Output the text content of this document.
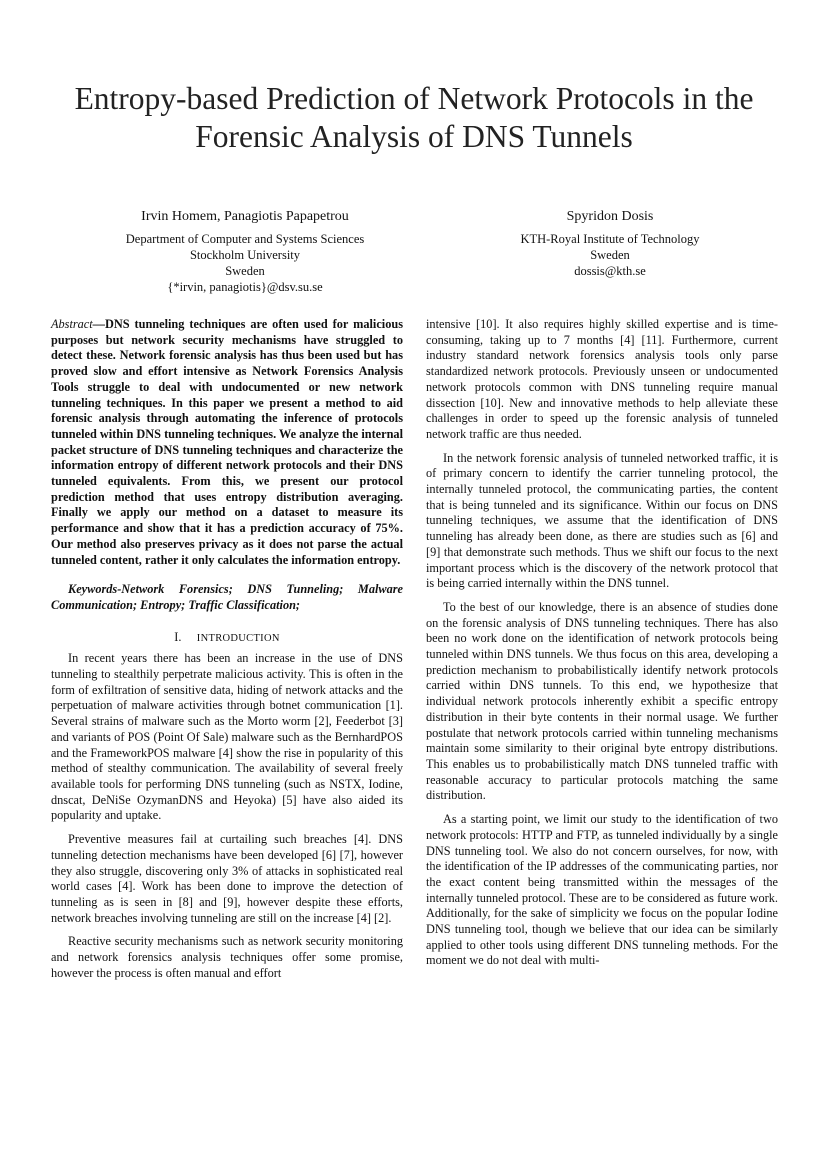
Entropy-based Prediction of Network Protocols in the
Forensic Analysis of DNS Tunnels
Irvin Homem, Panagiotis Papapetrou
Department of Computer and Systems Sciences
Stockholm University
Sweden
{*irvin, panagiotis}@dsv.su.se
Spyridon Dosis
KTH-Royal Institute of Technology
Sweden
dossis@kth.se

Abstract—DNS tunneling techniques are often used for malicious purposes but network security mechanisms have struggled to detect these. Network forensic analysis has thus been used but has proved slow and effort intensive as Network Forensics Analysis Tools struggle to deal with undocumented or new network tunneling techniques. In this paper we present a method to aid forensic analysis through automating the inference of protocols tunneled within DNS tunneling techniques. We analyze the internal packet structure of DNS tunneling techniques and characterize the information entropy of different network protocols and their DNS tunneled equivalents. From this, we present our protocol prediction method that uses entropy distribution averaging. Finally we apply our method on a dataset to measure its performance and show that it has a prediction accuracy of 75%. Our method also preserves privacy as it does not parse the actual tunneled content, rather it only calculates the information entropy.

Keywords-Network Forensics; DNS Tunneling; Malware Communication; Entropy; Traffic Classification;

I. INTRODUCTION

In recent years there has been an increase in the use of DNS tunneling to stealthily perpetrate malicious activity. This is often in the form of exfiltration of sensitive data, hiding of network attacks and the perpetuation of malware activities through botnet communication [1]. Several strains of malware such as the Morto worm [2], Feederbot [3] and variants of POS (Point Of Sale) malware such as the BernhardPOS and the FrameworkPOS malware [4] show the rise in popularity of this method of stealthy communication. The availability of several freely available tools for performing DNS tunneling (such as NSTX, Iodine, dnscat, DeNiSe OzymanDNS and Heyoka) [5] have also aided its popularity and uptake.

Preventive measures fail at curtailing such breaches [4]. DNS tunneling detection mechanisms have been developed [6] [7], however they also struggle, discovering only 3% of attacks in sophisticated real world cases [4]. Work has been done to improve the detection of tunneling as is seen in [8] and [9], however despite these efforts, network breaches involving tunneling are still on the increase [4] [2].

Reactive security mechanisms such as network security monitoring and network forensics analysis techniques offer some promise, however the process is often manual and effort

intensive [10]. It also requires highly skilled expertise and is time-consuming, taking up to 7 months [4] [11]. Furthermore, current industry standard network forensics analysis tools only parse standardized network protocols. Previously unseen or undocumented network protocols common with DNS tunneling require manual dissection [10]. New and innovative methods to help alleviate these challenges in order to speed up the forensic analysis of tunneled network traffic are thus needed.

In the network forensic analysis of tunneled networked traffic, it is of primary concern to identify the carrier tunneling protocol, the internally tunneled protocol, the communicating parties, the content that is being tunneled and its significance. Within our focus on DNS tunneling techniques, we assume that the identification of DNS tunneling has already been done, as there are studies such as [6] and [9] that demonstrate such methods. Thus we shift our focus to the next important process which is the discovery of the network protocol that is being carried internally within the DNS tunnel.

To the best of our knowledge, there is an absence of studies done on the forensic analysis of DNS tunneling techniques. There has also been no work done on the identification of network protocols being tunneled within DNS tunnels. We thus focus on this area, developing a prediction mechanism to probabilistically identify network protocols carried within DNS tunnels. To this end, we hypothesize that individual network protocols inherently exhibit a specific entropy distribution in their byte contents in their normal usage. We further postulate that network protocols carried within tunneling mechanisms maintain some similarity to their original byte entropy distributions. This enables us to probabilistically match DNS tunneled traffic with reasonable accuracy to particular protocols matching the same distribution.

As a starting point, we limit our study to the identification of two network protocols: HTTP and FTP, as tunneled individually by a single DNS tunneling tool. We also do not concern ourselves, for now, with the identification of the IP addresses of the communicating parties, nor the exact content being transmitted within the messages of the internally tunneled protocol. These are to be considered as future work. Additionally, for the sake of simplicity we focus on the popular Iodine DNS tunneling tool, though we believe that our idea can be similarly applied to other tools using different DNS tunneling methods. For the moment we do not deal with multi-
